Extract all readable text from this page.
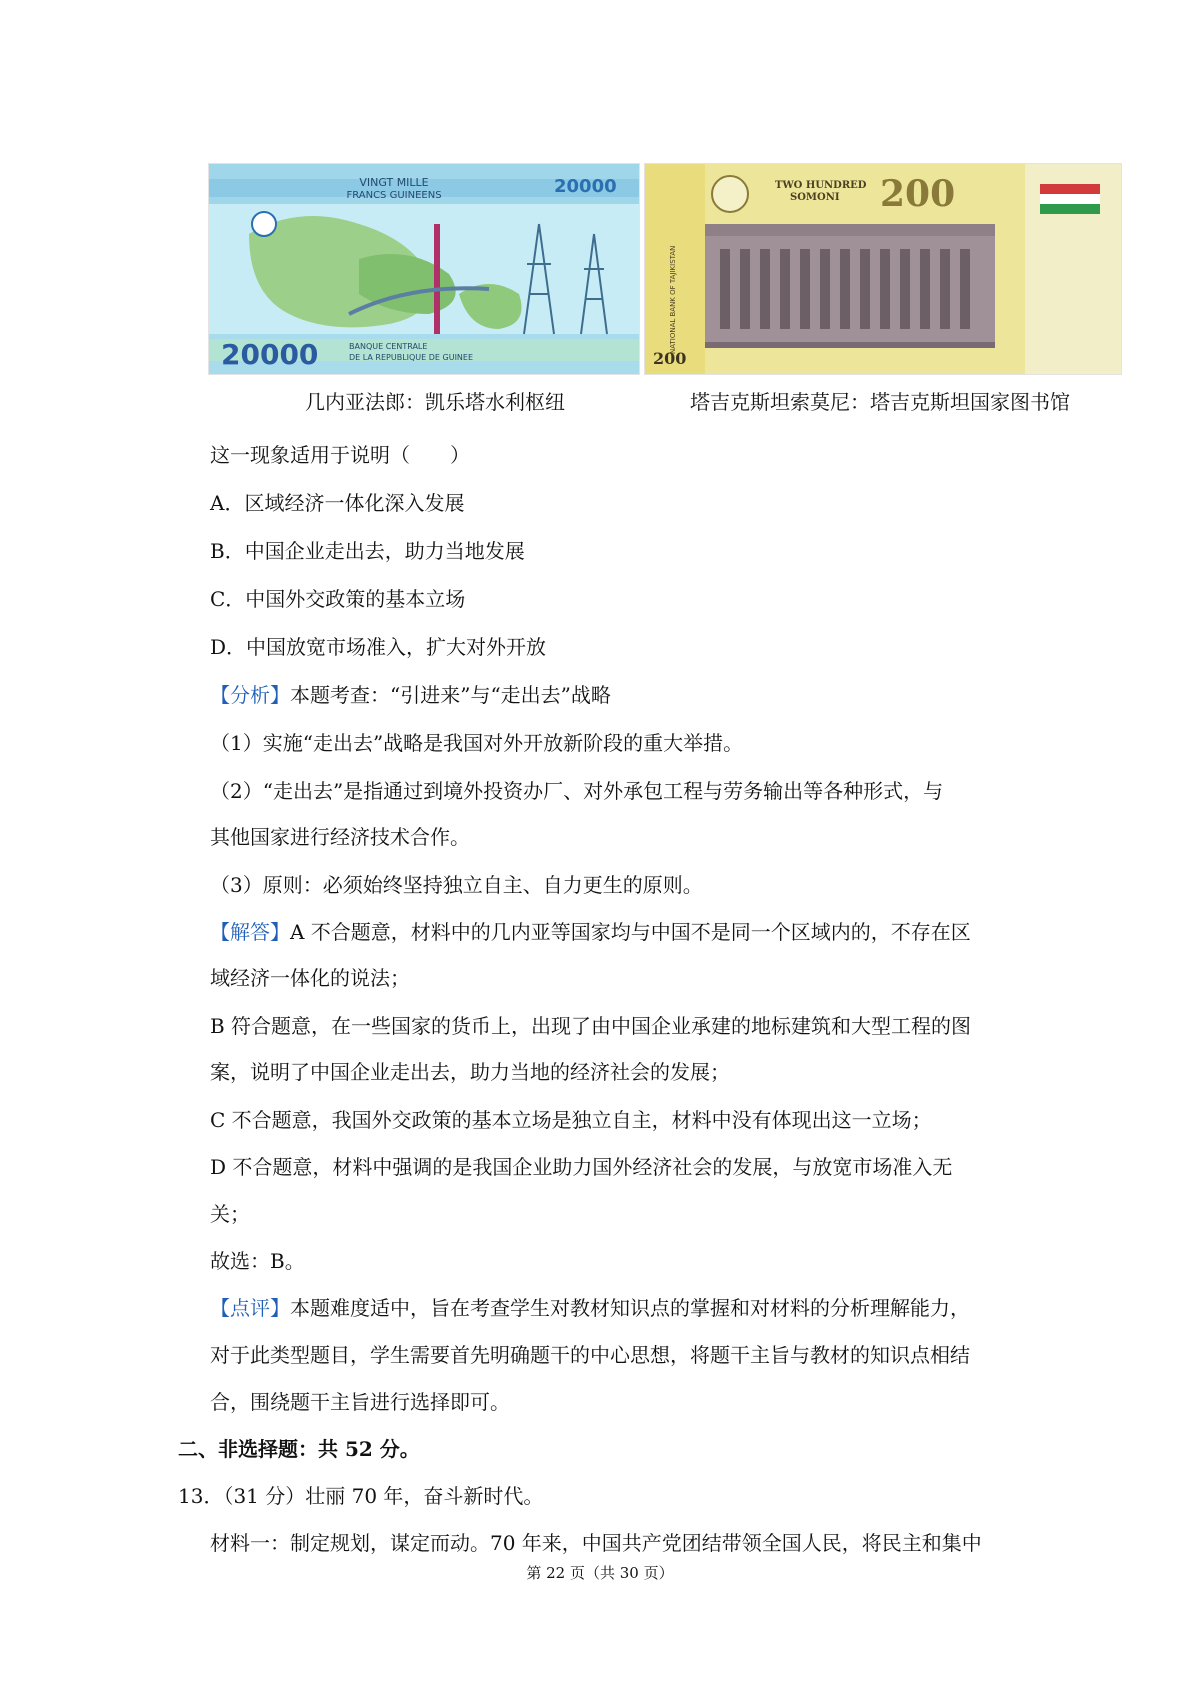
VINGT MILLE
FRANCS GUINEENS	20000
20000	BANQUE CENTRALE
DE LA REPUBLIQUE DE GUINEE
TWO HUNDRED
SOMONI 200
200
NATIONAL BANK OF TAJIKISTAN
几内亚法郎：凯乐塔水利枢纽	塔吉克斯坦索莫尼：塔吉克斯坦国家图书馆
这一现象适用于说明（　　）
A．区域经济一体化深入发展
B．中国企业走出去，助力当地发展
C．中国外交政策的基本立场
D．中国放宽市场准入，扩大对外开放
【分析】本题考查：“引进来”与“走出去”战略
（1）实施“走出去”战略是我国对外开放新阶段的重大举措。
（2）“走出去”是指通过到境外投资办厂、对外承包工程与劳务输出等各种形式，与
其他国家进行经济技术合作。
（3）原则：必须始终坚持独立自主、自力更生的原则。
【解答】A 不合题意，材料中的几内亚等国家均与中国不是同一个区域内的，不存在区
域经济一体化的说法；
B 符合题意，在一些国家的货币上，出现了由中国企业承建的地标建筑和大型工程的图
案，说明了中国企业走出去，助力当地的经济社会的发展；
C 不合题意，我国外交政策的基本立场是独立自主，材料中没有体现出这一立场；
D 不合题意，材料中强调的是我国企业助力国外经济社会的发展，与放宽市场准入无
关；
故选：B。
【点评】本题难度适中，旨在考查学生对教材知识点的掌握和对材料的分析理解能力，
对于此类型题目，学生需要首先明确题干的中心思想，将题干主旨与教材的知识点相结
合，围绕题干主旨进行选择即可。
二、非选择题：共 52 分。
13．（31 分）壮丽 70 年，奋斗新时代。
材料一：制定规划，谋定而动。70 年来，中国共产党团结带领全国人民，将民主和集中
第 22 页（共 30 页）
